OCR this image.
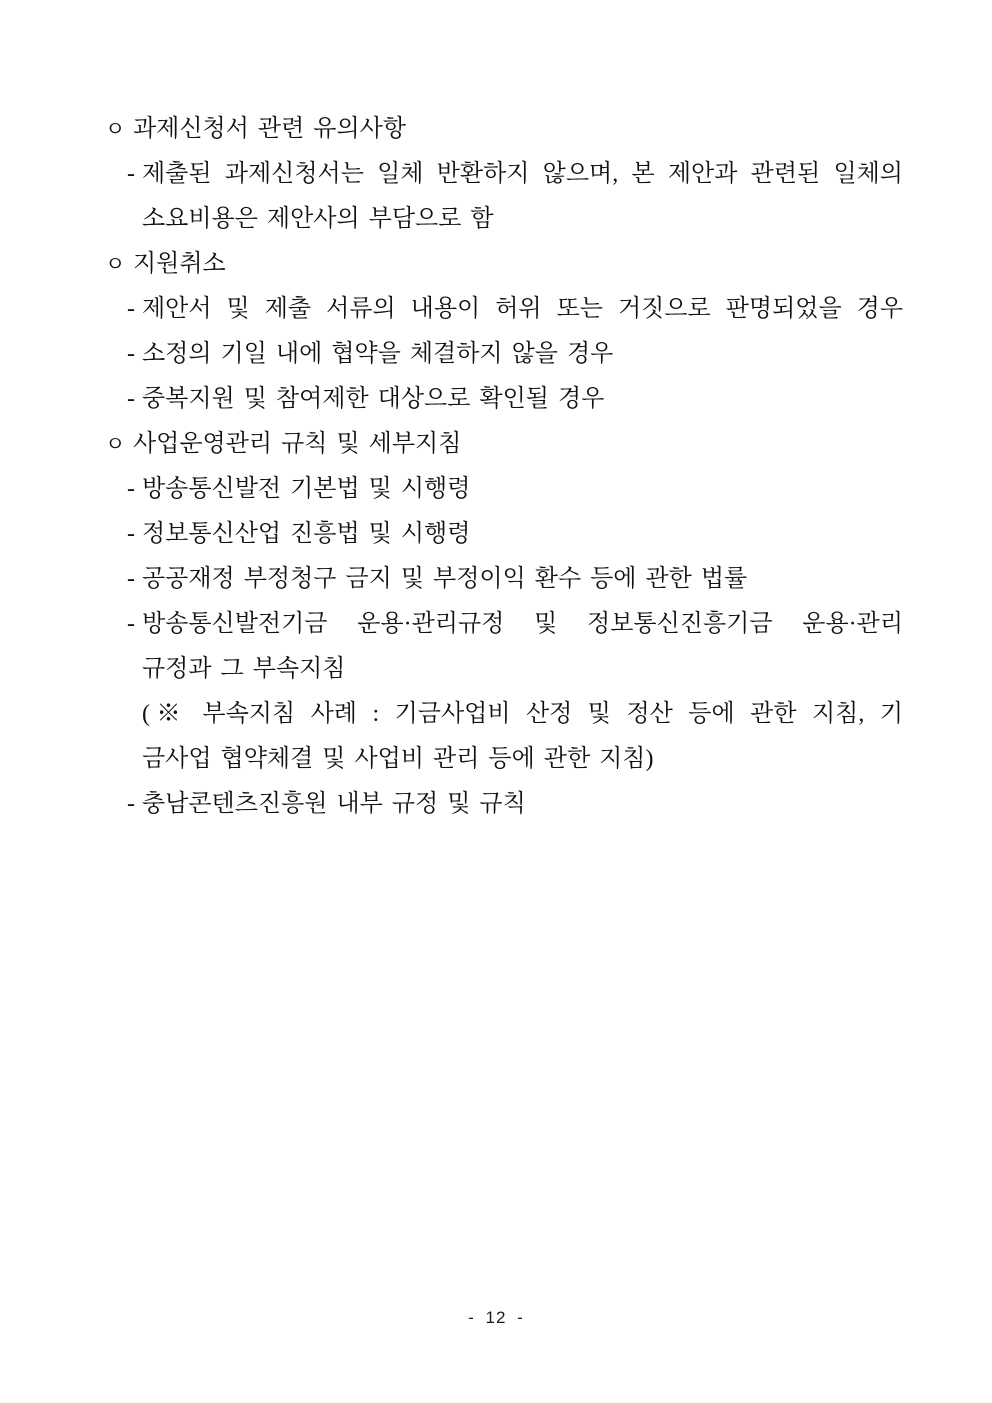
ㅇ 과제신청서 관련 유의사항
- 제출된 과제신청서는 일체 반환하지 않으며, 본 제안과 관련된 일체의
소요비용은 제안사의 부담으로 함
ㅇ 지원취소
- 제안서 및 제출 서류의 내용이 허위 또는 거짓으로 판명되었을 경우
- 소정의 기일 내에 협약을 체결하지 않을 경우
- 중복지원 및 참여제한 대상으로 확인될 경우
ㅇ 사업운영관리 규칙 및 세부지침
- 방송통신발전 기본법 및 시행령
- 정보통신산업 진흥법 및 시행령
- 공공재정 부정청구 금지 및 부정이익 환수 등에 관한 법률
- 방송통신발전기금 운용·관리규정 및 정보통신진흥기금 운용·관리
규정과 그 부속지침
(※ 부속지침 사례 : 기금사업비 산정 및 정산 등에 관한 지침, 기
금사업 협약체결 및 사업비 관리 등에 관한 지침)
- 충남콘텐츠진흥원 내부 규정 및 규칙
- 12 -
